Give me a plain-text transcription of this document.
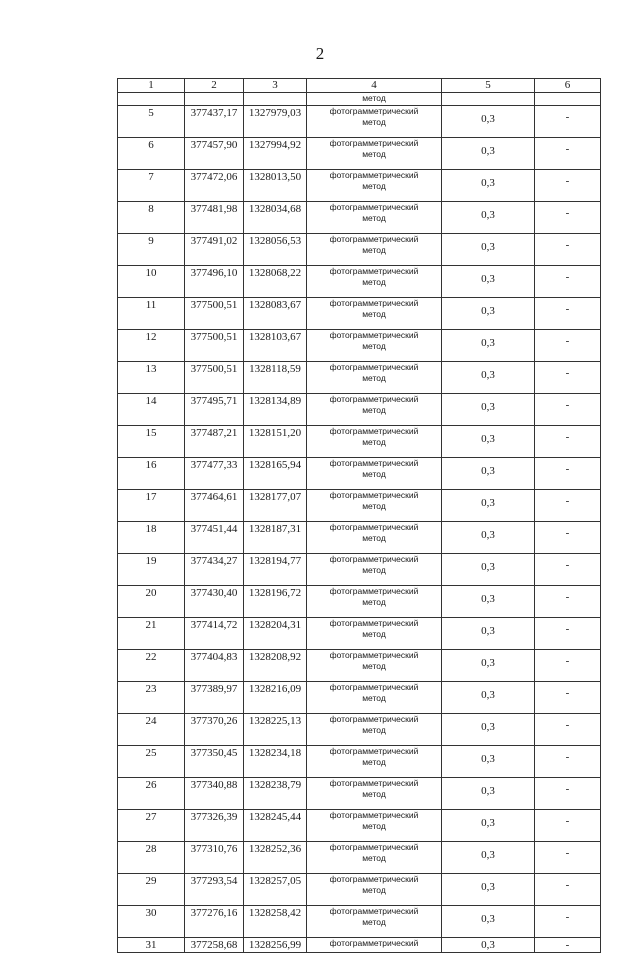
2
1	2	3	4	5	6
			метод		
5	377437,17	1327979,03	фотограмметрический
метод	0,3	-
6	377457,90	1327994,92	фотограмметрический
метод	0,3	-
7	377472,06	1328013,50	фотограмметрический
метод	0,3	-
8	377481,98	1328034,68	фотограмметрический
метод	0,3	-
9	377491,02	1328056,53	фотограмметрический
метод	0,3	-
10	377496,10	1328068,22	фотограмметрический
метод	0,3	-
11	377500,51	1328083,67	фотограмметрический
метод	0,3	-
12	377500,51	1328103,67	фотограмметрический
метод	0,3	-
13	377500,51	1328118,59	фотограмметрический
метод	0,3	-
14	377495,71	1328134,89	фотограмметрический
метод	0,3	-
15	377487,21	1328151,20	фотограмметрический
метод	0,3	-
16	377477,33	1328165,94	фотограмметрический
метод	0,3	-
17	377464,61	1328177,07	фотограмметрический
метод	0,3	-
18	377451,44	1328187,31	фотограмметрический
метод	0,3	-
19	377434,27	1328194,77	фотограмметрический
метод	0,3	-
20	377430,40	1328196,72	фотограмметрический
метод	0,3	-
21	377414,72	1328204,31	фотограмметрический
метод	0,3	-
22	377404,83	1328208,92	фотограмметрический
метод	0,3	-
23	377389,97	1328216,09	фотограмметрический
метод	0,3	-
24	377370,26	1328225,13	фотограмметрический
метод	0,3	-
25	377350,45	1328234,18	фотограмметрический
метод	0,3	-
26	377340,88	1328238,79	фотограмметрический
метод	0,3	-
27	377326,39	1328245,44	фотограмметрический
метод	0,3	-
28	377310,76	1328252,36	фотограмметрический
метод	0,3	-
29	377293,54	1328257,05	фотограмметрический
метод	0,3	-
30	377276,16	1328258,42	фотограмметрический
метод	0,3	-
31	377258,68	1328256,99	фотограмметрический	0,3	-
